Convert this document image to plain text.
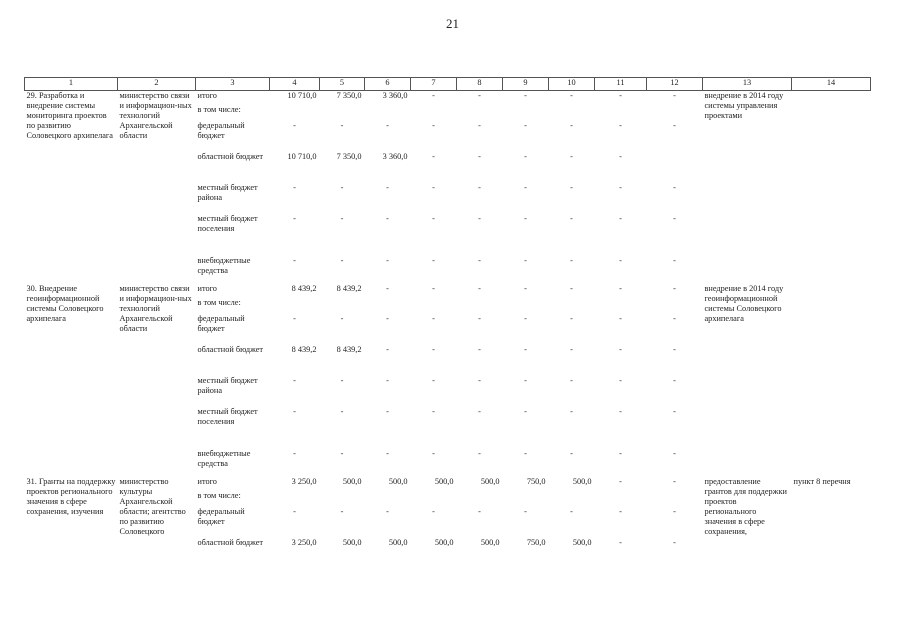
21
1	2	3	4	5	6	7	8	9	10	11	12	13	14
29. Разработка и внедрение системы мониторинга проектов по развитию Соловецкого архипелага	министерство связи и информацион-ных технологий Архангельской области	итого	10 710,0	7 350,0	3 360,0	-	-	-	-	-	-	внедрение в 2014 году системы управления проектами	
		в том числе:											
		федеральный бюджет	-	-	-	-	-	-	-	-	-		
		областной бюджет	10 710,0	7 350,0	3 360,0	-	-	-	-	-			
		местный бюджет района	-	-	-	-	-	-	-	-	-		
		местный бюджет поселения	-	-	-	-	-	-	-	-	-		
		внебюджетные средства	-	-	-	-	-	-	-	-	-		
30. Внедрение геоинформационной системы Соловецкого архипелага	министерство связи и информацион-ных технологий Архангельской области	итого	8 439,2	8 439,2	-	-	-	-	-	-	-	внедрение в 2014 году геоинформационной системы Соловецкого архипелага	
		в том числе:											
		федеральный бюджет	-	-	-	-	-	-	-	-	-		
		областной бюджет	8 439,2	8 439,2	-	-	-	-	-	-	-		
		местный бюджет района	-	-	-	-	-	-	-	-	-		
		местный бюджет поселения	-	-	-	-	-	-	-	-	-		
		внебюджетные средства	-	-	-	-	-	-	-	-	-		
31. Гранты на поддержку проектов регионального значения в сфере сохранения, изучения	министерство культуры Архангельской области; агентство по развитию Соловецкого	итого	3 250,0	500,0	500,0	500,0	500,0	750,0	500,0	-	-	предоставление грантов для поддержки проектов регионального значения в сфере сохранения,	пункт 8 перечня
		в том числе:											
		федеральный бюджет	-	-	-	-	-	-	-	-	-		
		областной бюджет	3 250,0	500,0	500,0	500,0	500,0	750,0	500,0	-	-		
